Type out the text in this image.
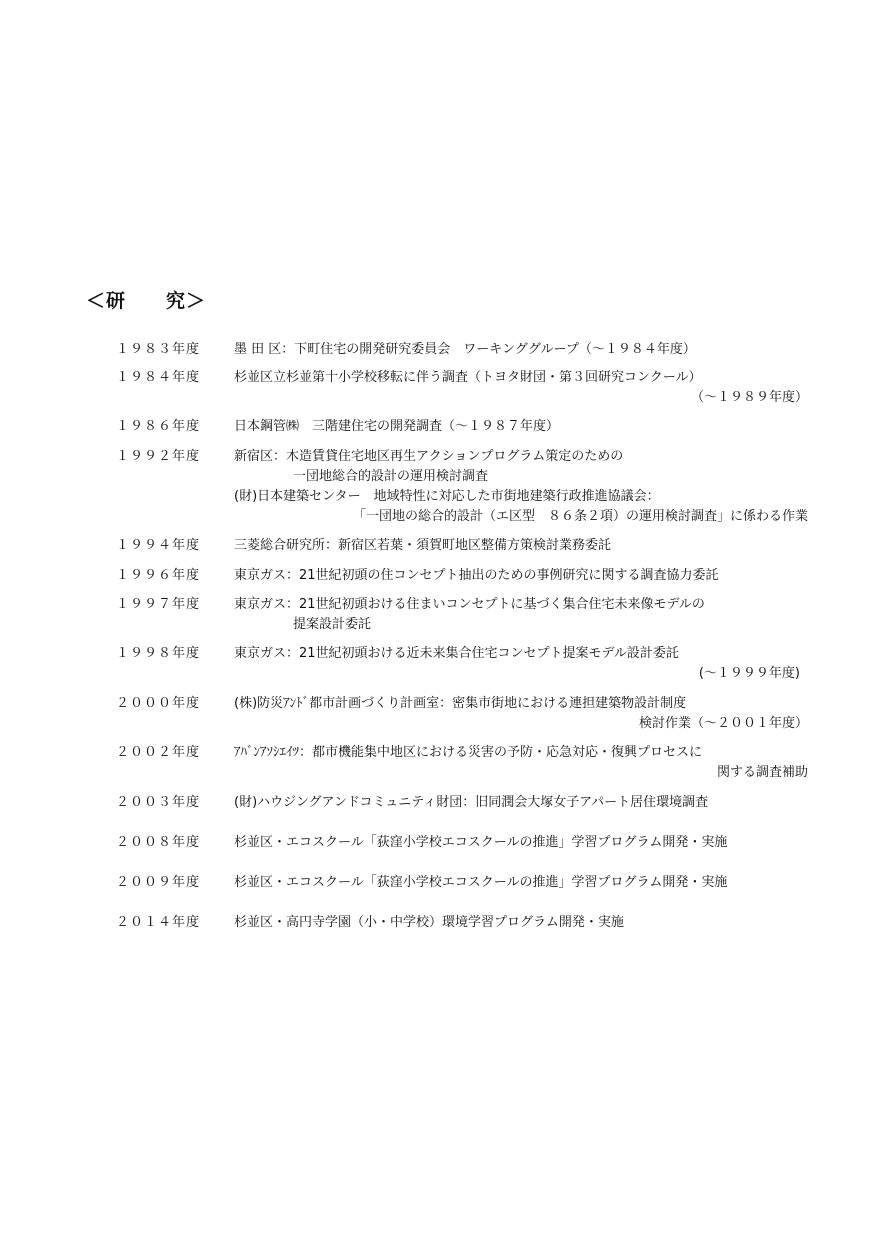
＜研　　究＞
１９８３年度	墨 田 区：下町住宅の開発研究委員会　ワーキンググループ（～１９８４年度）
１９８４年度	杉並区立杉並第十小学校移転に伴う調査（トヨタ財団・第３回研究コンクール）
（～１９８９年度）
１９８６年度	日本鋼管㈱　三階建住宅の開発調査（～１９８７年度）
１９９２年度	新宿区：木造賃貸住宅地区再生アクションプログラム策定のための
一団地総合的設計の運用検討調査
(財)日本建築センター　地域特性に対応した市街地建築行政推進協議会：
「一団地の総合的設計（エ区型　８６条２項）の運用検討調査」に係わる作業
１９９４年度	三菱総合研究所：新宿区若葉・須賀町地区整備方策検討業務委託
１９９６年度	東京ガス：21世紀初頭の住コンセプト抽出のための事例研究に関する調査協力委託
１９９７年度	東京ガス：21世紀初頭おける住まいコンセプトに基づく集合住宅未来像モデルの
提案設計委託
１９９８年度	東京ガス：21世紀初頭おける近未来集合住宅コンセプト提案モデル設計委託
(～１９９９年度)
２０００年度	(株)防災ｱﾝﾄﾞ都市計画づくり計画室：密集市街地における連担建築物設計制度
検討作業（～２００１年度）
２００２年度	ｱﾊﾞﾝｱｿｼｴｲﾂ：都市機能集中地区における災害の予防・応急対応・復興プロセスに
関する調査補助
２００３年度	(財)ハウジングアンドコミュニティ財団：旧同潤会大塚女子アパート居住環境調査
２００８年度	杉並区・エコスクール「荻窪小学校エコスクールの推進」学習プログラム開発・実施
２００９年度	杉並区・エコスクール「荻窪小学校エコスクールの推進」学習プログラム開発・実施
２０１４年度	杉並区・高円寺学園（小・中学校）環境学習プログラム開発・実施
